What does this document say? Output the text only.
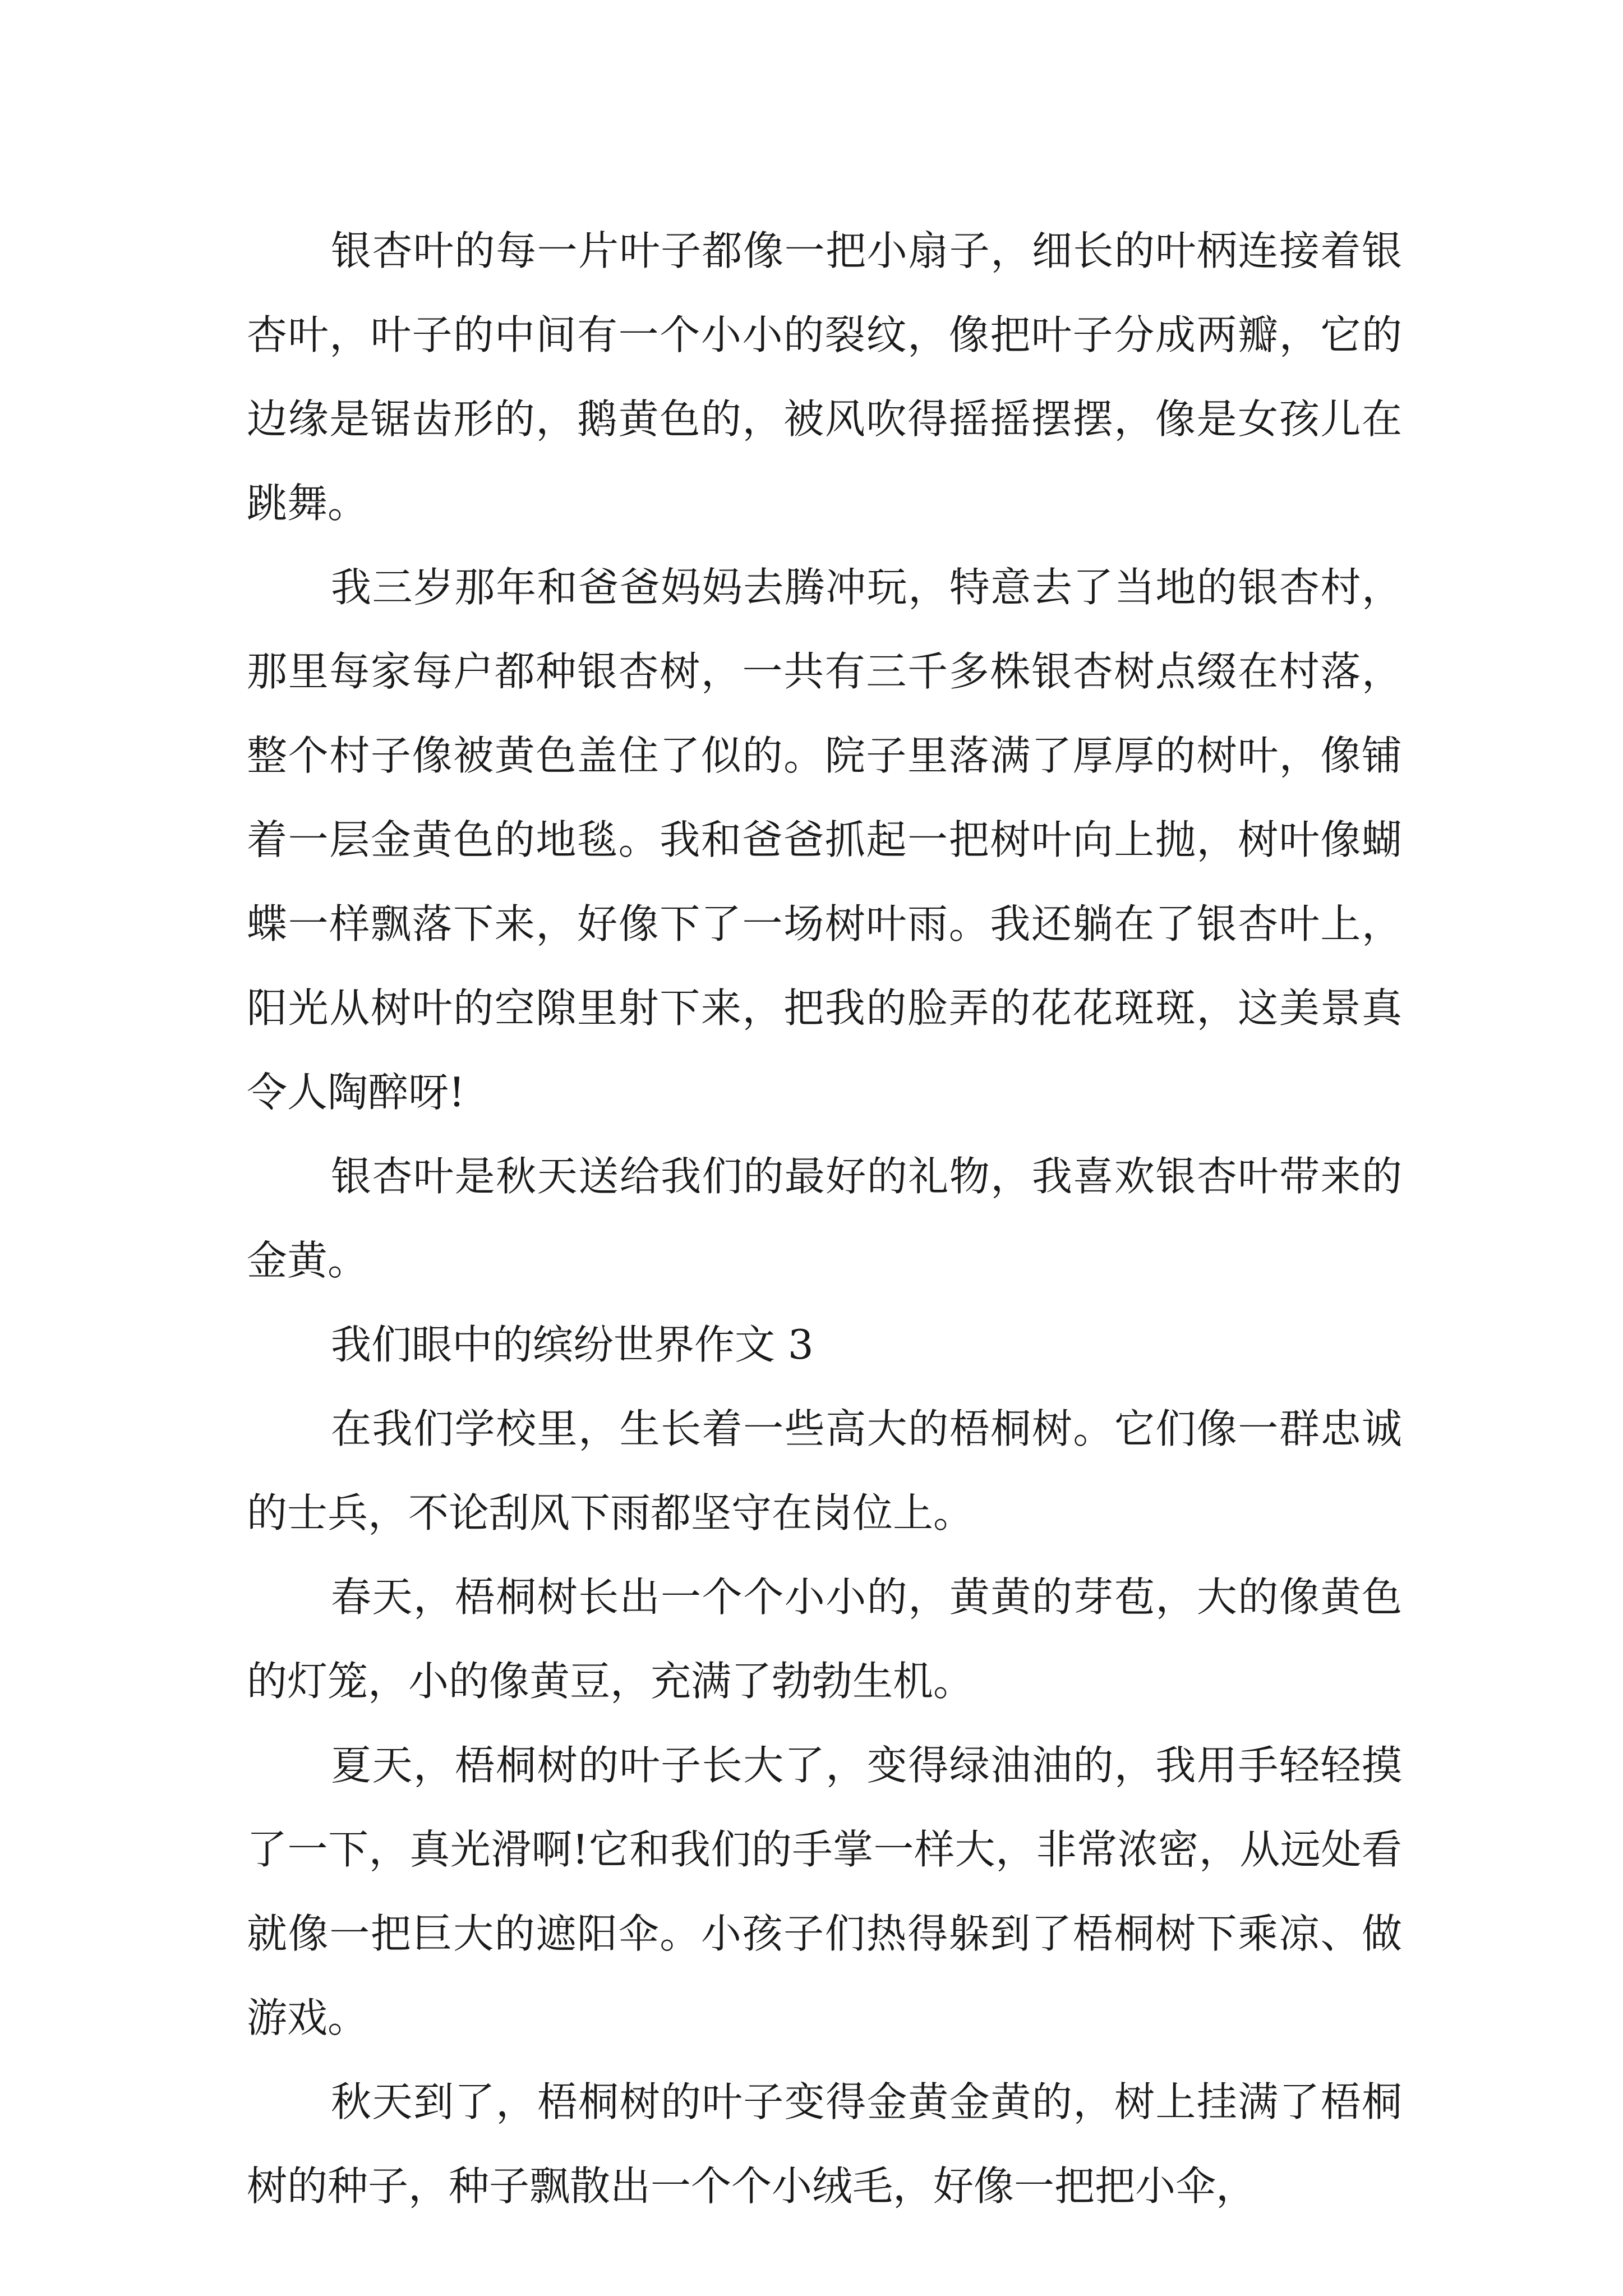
银杏叶的每一片叶子都像一把小扇子，细长的叶柄连接着银杏叶，叶子的中间有一个小小的裂纹，像把叶子分成两瓣，它的边缘是锯齿形的，鹅黄色的，被风吹得摇摇摆摆，像是女孩儿在跳舞。

我三岁那年和爸爸妈妈去腾冲玩，特意去了当地的银杏村，那里每家每户都种银杏树，一共有三千多株银杏树点缀在村落，整个村子像被黄色盖住了似的。院子里落满了厚厚的树叶，像铺着一层金黄色的地毯。我和爸爸抓起一把树叶向上抛，树叶像蝴蝶一样飘落下来，好像下了一场树叶雨。我还躺在了银杏叶上，阳光从树叶的空隙里射下来，把我的脸弄的花花斑斑，这美景真令人陶醉呀!

银杏叶是秋天送给我们的最好的礼物，我喜欢银杏叶带来的金黄。

我们眼中的缤纷世界作文 3

在我们学校里，生长着一些高大的梧桐树。它们像一群忠诚的士兵，不论刮风下雨都坚守在岗位上。

春天，梧桐树长出一个个小小的，黄黄的芽苞，大的像黄色的灯笼，小的像黄豆，充满了勃勃生机。

夏天，梧桐树的叶子长大了，变得绿油油的，我用手轻轻摸了一下，真光滑啊!它和我们的手掌一样大，非常浓密，从远处看就像一把巨大的遮阳伞。小孩子们热得躲到了梧桐树下乘凉、做游戏。

秋天到了，梧桐树的叶子变得金黄金黄的，树上挂满了梧桐树的种子，种子飘散出一个个小绒毛，好像一把把小伞，
